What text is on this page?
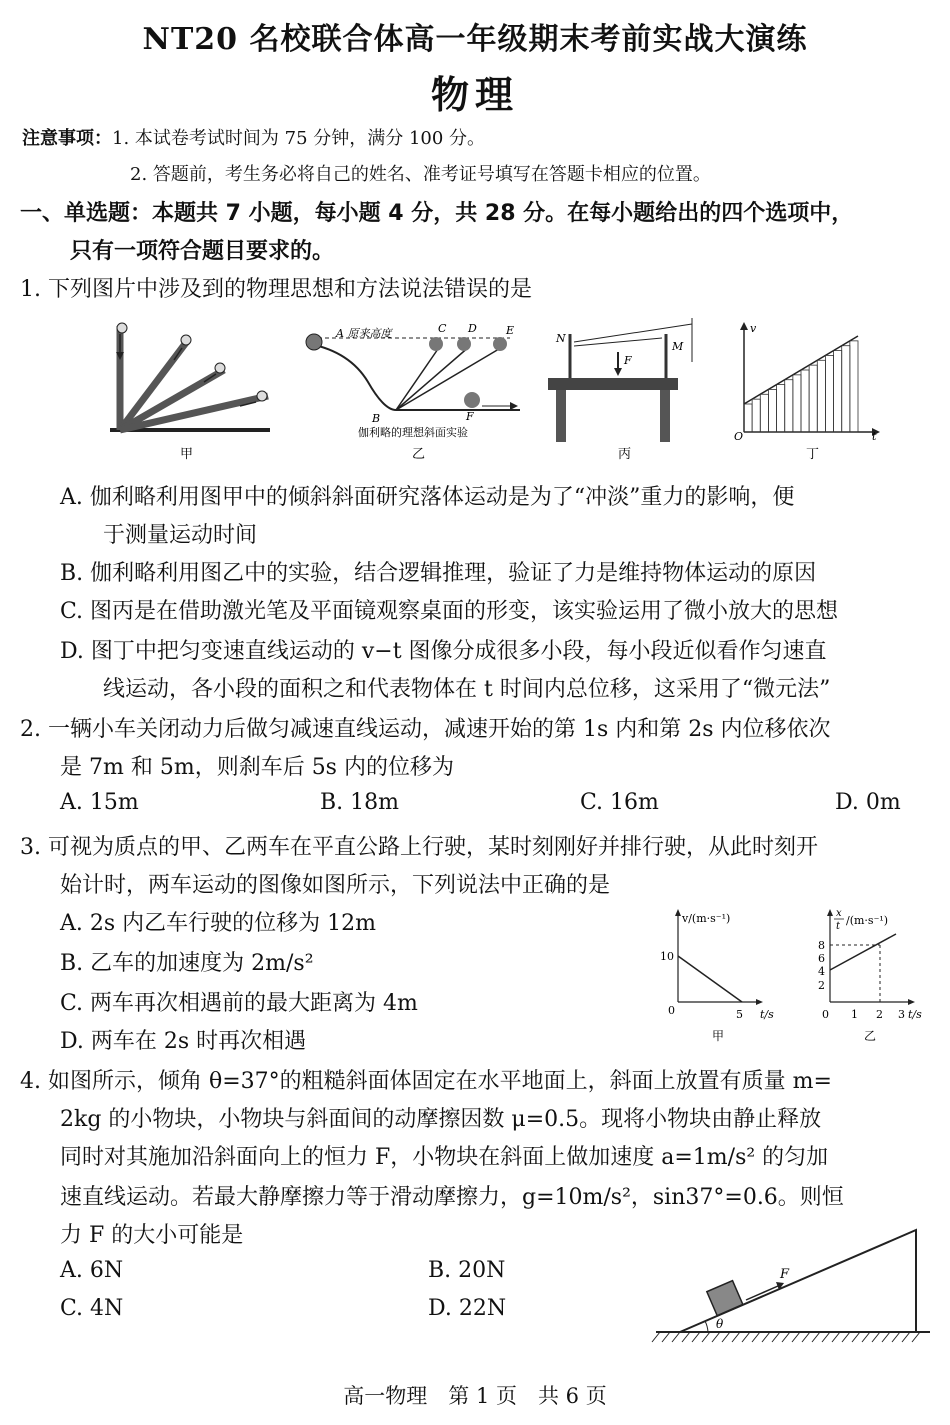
NT20 名校联合体高一年级期末考前实战大演练
物理
注意事项：1. 本试卷考试时间为 75 分钟，满分 100 分。
2. 答题前，考生务必将自己的姓名、准考证号填写在答题卡相应的位置。
一、单选题：本题共 7 小题，每小题 4 分，共 28 分。在每小题给出的四个选项中，
只有一项符合题目要求的。
1. 下列图片中涉及到的物理思想和方法说法错误的是
甲
A 原来高度
B
C D	E
F
伽利略的理想斜面实验
乙
N
M
F
丙
v
O	t
丁
A. 伽利略利用图甲中的倾斜斜面研究落体运动是为了“冲淡”重力的影响，便
于测量运动时间
B. 伽利略利用图乙中的实验，结合逻辑推理，验证了力是维持物体运动的原因
C. 图丙是在借助激光笔及平面镜观察桌面的形变，该实验运用了微小放大的思想
D. 图丁中把匀变速直线运动的 v−t 图像分成很多小段，每小段近似看作匀速直
线运动，各小段的面积之和代表物体在 t 时间内总位移，这采用了“微元法”
2. 一辆小车关闭动力后做匀减速直线运动，减速开始的第 1s 内和第 2s 内位移依次
是 7m 和 5m，则刹车后 5s 内的位移为
A. 15m	B. 18m	C. 16m	D. 0m
3. 可视为质点的甲、乙两车在平直公路上行驶，某时刻刚好并排行驶，从此时刻开
始计时，两车运动的图像如图所示，下列说法中正确的是
A. 2s 内乙车行驶的位移为 12m
B. 乙车的加速度为 2m/s²
C. 两车再次相遇前的最大距离为 4m
D. 两车在 2s 时再次相遇
v/(m·s⁻¹)
10
0	5 t/s
甲
x
t /(m·s⁻¹)
8
6
4
2
0 1 2 3 t/s
乙
4. 如图所示，倾角 θ=37°的粗糙斜面体固定在水平地面上，斜面上放置有质量 m=
2kg 的小物块，小物块与斜面间的动摩擦因数 μ=0.5。现将小物块由静止释放
同时对其施加沿斜面向上的恒力 F，小物块在斜面上做加速度 a=1m/s² 的匀加
速直线运动。若最大静摩擦力等于滑动摩擦力，g=10m/s²，sin37°=0.6。则恒
力 F 的大小可能是
A. 6N	B. 20N
C. 4N	D. 22N
F
θ
高一物理　第 1 页　共 6 页
